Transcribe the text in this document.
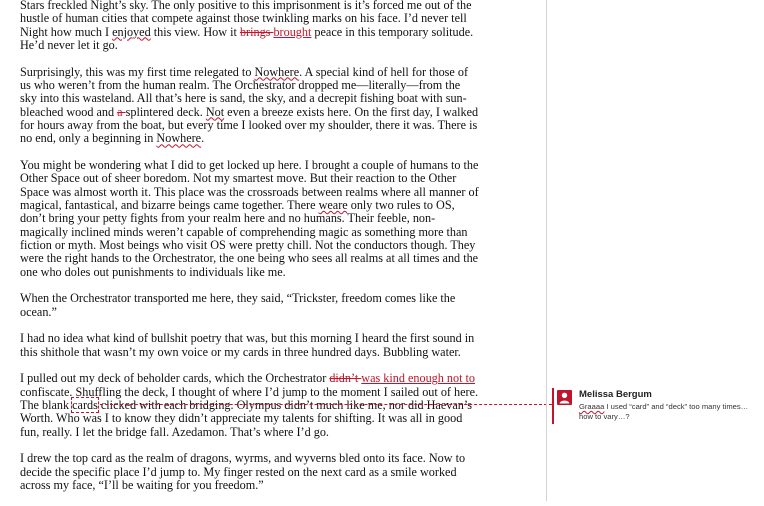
Stars freckled Night’s sky. The only positive to this imprisonment is it’s forced me out of the hustle of human cities that compete against those twinkling marks on his face. I’d never tell Night how much I enjoyed this view. How it brings brought peace in this temporary solitude. He’d never let it go.

Surprisingly, this was my first time relegated to Nowhere. A special kind of hell for those of us who weren’t from the human realm. The Orchestrator dropped me—literally—from the sky into this wasteland. All that’s here is sand, the sky, and a decrepit fishing boat with sun-bleached wood and a splintered deck. Not even a breeze exists here. On the first day, I walked for hours away from the boat, but every time I looked over my shoulder, there it was. There is no end, only a beginning in Nowhere.

You might be wondering what I did to get locked up here. I brought a couple of humans to the Other Space out of sheer boredom. Not my smartest move. But their reaction to the Other Space was almost worth it. This place was the crossroads between realms where all manner of magical, fantastical, and bizarre beings came together. There weare only two rules to OS, don’t bring your petty fights from your realm here and no humans. Their feeble, non-magically inclined minds weren’t capable of comprehending magic as something more than fiction or myth. Most beings who visit OS were pretty chill. Not the conductors though. They were the right hands to the Orchestrator, the one being who sees all realms at all times and the one who doles out punishments to individuals like me.

When the Orchestrator transported me here, they said, “Trickster, freedom comes like the ocean.”

I had no idea what kind of bullshit poetry that was, but this morning I heard the first sound in this shithole that wasn’t my own voice or my cards in three hundred days. Bubbling water.

I pulled out my deck of beholder cards, which the Orchestrator didn’t was kind enough not to confiscate. Shuffling the deck, I thought of where I’d jump to the moment I sailed out of here. The blank cards clicked with each bridging. Olympus didn’t much like me, nor did Haevan’s Worth. Who was I to know they didn’t appreciate my talents for shifting. It was all in good fun, really. I let the bridge fall. Azedamon. That’s where I’d go.

I drew the top card as the realm of dragons, wyrms, and wyverns bled onto its face. Now to decide the specific place I’d jump to. My finger rested on the next card as a smile worked across my face, “I’ll be waiting for you freedom.”

Melissa Bergum
Graaaa I used “card” and “deck” too many times… how to vary…?
